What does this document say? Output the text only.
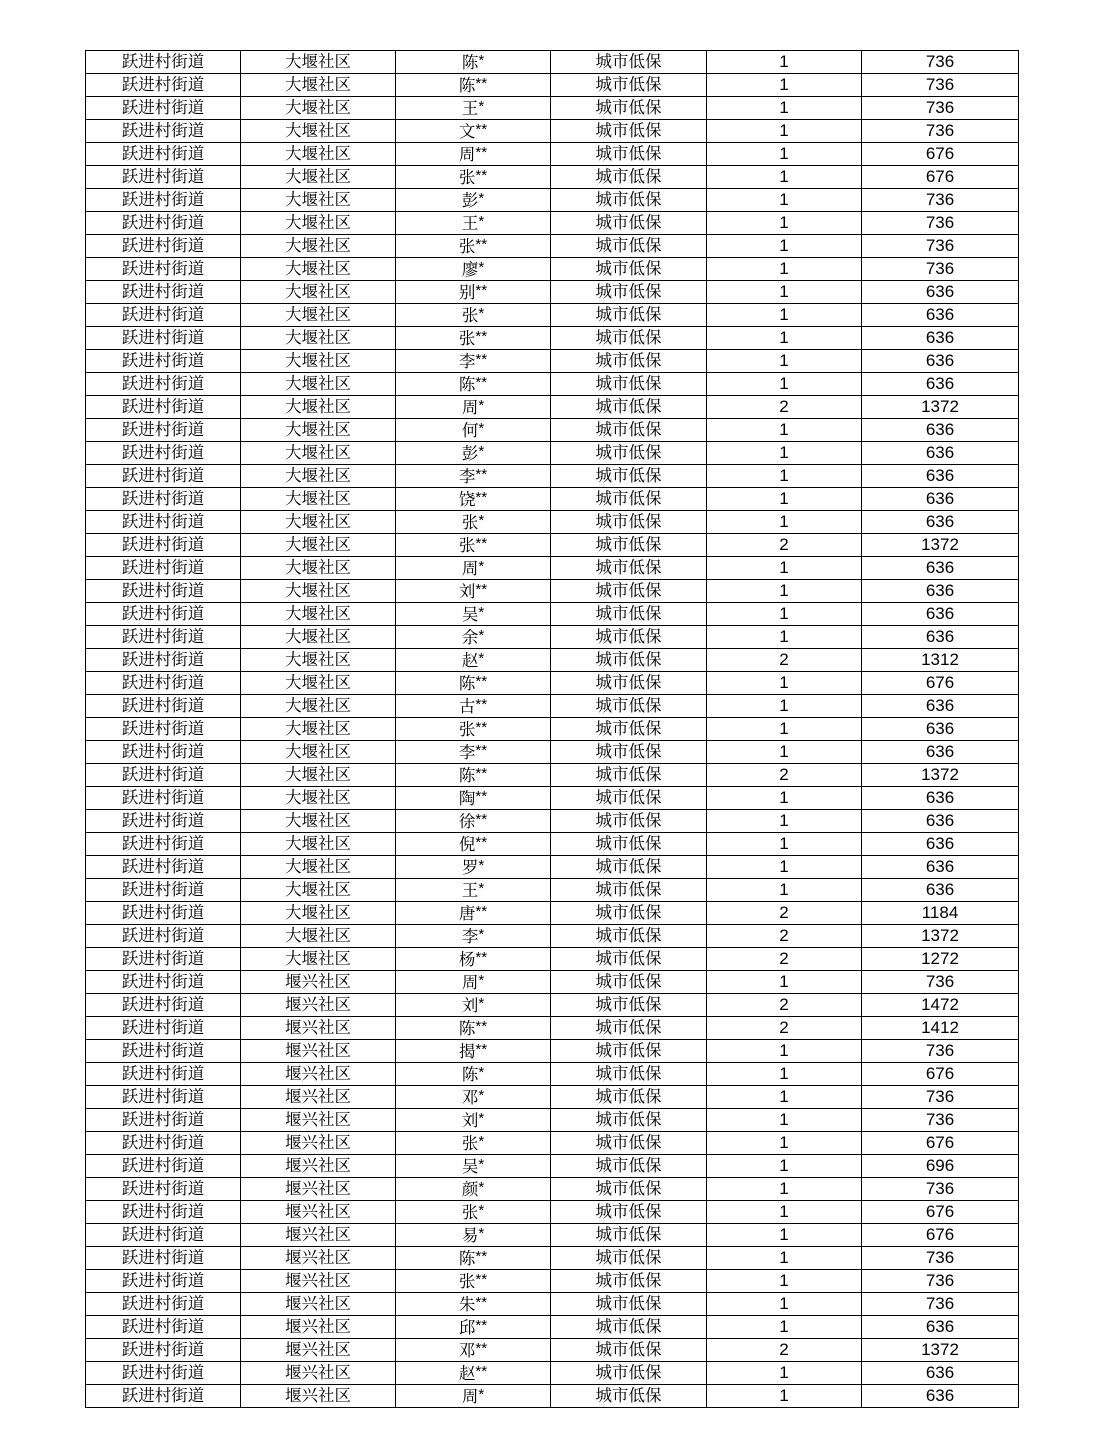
跃进村街道	大堰社区	陈*	城市低保	1	736
跃进村街道	大堰社区	陈**	城市低保	1	736
跃进村街道	大堰社区	王*	城市低保	1	736
跃进村街道	大堰社区	文**	城市低保	1	736
跃进村街道	大堰社区	周**	城市低保	1	676
跃进村街道	大堰社区	张**	城市低保	1	676
跃进村街道	大堰社区	彭*	城市低保	1	736
跃进村街道	大堰社区	王*	城市低保	1	736
跃进村街道	大堰社区	张**	城市低保	1	736
跃进村街道	大堰社区	廖*	城市低保	1	736
跃进村街道	大堰社区	别**	城市低保	1	636
跃进村街道	大堰社区	张*	城市低保	1	636
跃进村街道	大堰社区	张**	城市低保	1	636
跃进村街道	大堰社区	李**	城市低保	1	636
跃进村街道	大堰社区	陈**	城市低保	1	636
跃进村街道	大堰社区	周*	城市低保	2	1372
跃进村街道	大堰社区	何*	城市低保	1	636
跃进村街道	大堰社区	彭*	城市低保	1	636
跃进村街道	大堰社区	李**	城市低保	1	636
跃进村街道	大堰社区	饶**	城市低保	1	636
跃进村街道	大堰社区	张*	城市低保	1	636
跃进村街道	大堰社区	张**	城市低保	2	1372
跃进村街道	大堰社区	周*	城市低保	1	636
跃进村街道	大堰社区	刘**	城市低保	1	636
跃进村街道	大堰社区	吴*	城市低保	1	636
跃进村街道	大堰社区	余*	城市低保	1	636
跃进村街道	大堰社区	赵*	城市低保	2	1312
跃进村街道	大堰社区	陈**	城市低保	1	676
跃进村街道	大堰社区	古**	城市低保	1	636
跃进村街道	大堰社区	张**	城市低保	1	636
跃进村街道	大堰社区	李**	城市低保	1	636
跃进村街道	大堰社区	陈**	城市低保	2	1372
跃进村街道	大堰社区	陶**	城市低保	1	636
跃进村街道	大堰社区	徐**	城市低保	1	636
跃进村街道	大堰社区	倪**	城市低保	1	636
跃进村街道	大堰社区	罗*	城市低保	1	636
跃进村街道	大堰社区	王*	城市低保	1	636
跃进村街道	大堰社区	唐**	城市低保	2	1184
跃进村街道	大堰社区	李*	城市低保	2	1372
跃进村街道	大堰社区	杨**	城市低保	2	1272
跃进村街道	堰兴社区	周*	城市低保	1	736
跃进村街道	堰兴社区	刘*	城市低保	2	1472
跃进村街道	堰兴社区	陈**	城市低保	2	1412
跃进村街道	堰兴社区	揭**	城市低保	1	736
跃进村街道	堰兴社区	陈*	城市低保	1	676
跃进村街道	堰兴社区	邓*	城市低保	1	736
跃进村街道	堰兴社区	刘*	城市低保	1	736
跃进村街道	堰兴社区	张*	城市低保	1	676
跃进村街道	堰兴社区	吴*	城市低保	1	696
跃进村街道	堰兴社区	颜*	城市低保	1	736
跃进村街道	堰兴社区	张*	城市低保	1	676
跃进村街道	堰兴社区	易*	城市低保	1	676
跃进村街道	堰兴社区	陈**	城市低保	1	736
跃进村街道	堰兴社区	张**	城市低保	1	736
跃进村街道	堰兴社区	朱**	城市低保	1	736
跃进村街道	堰兴社区	邱**	城市低保	1	636
跃进村街道	堰兴社区	邓**	城市低保	2	1372
跃进村街道	堰兴社区	赵**	城市低保	1	636
跃进村街道	堰兴社区	周*	城市低保	1	636
